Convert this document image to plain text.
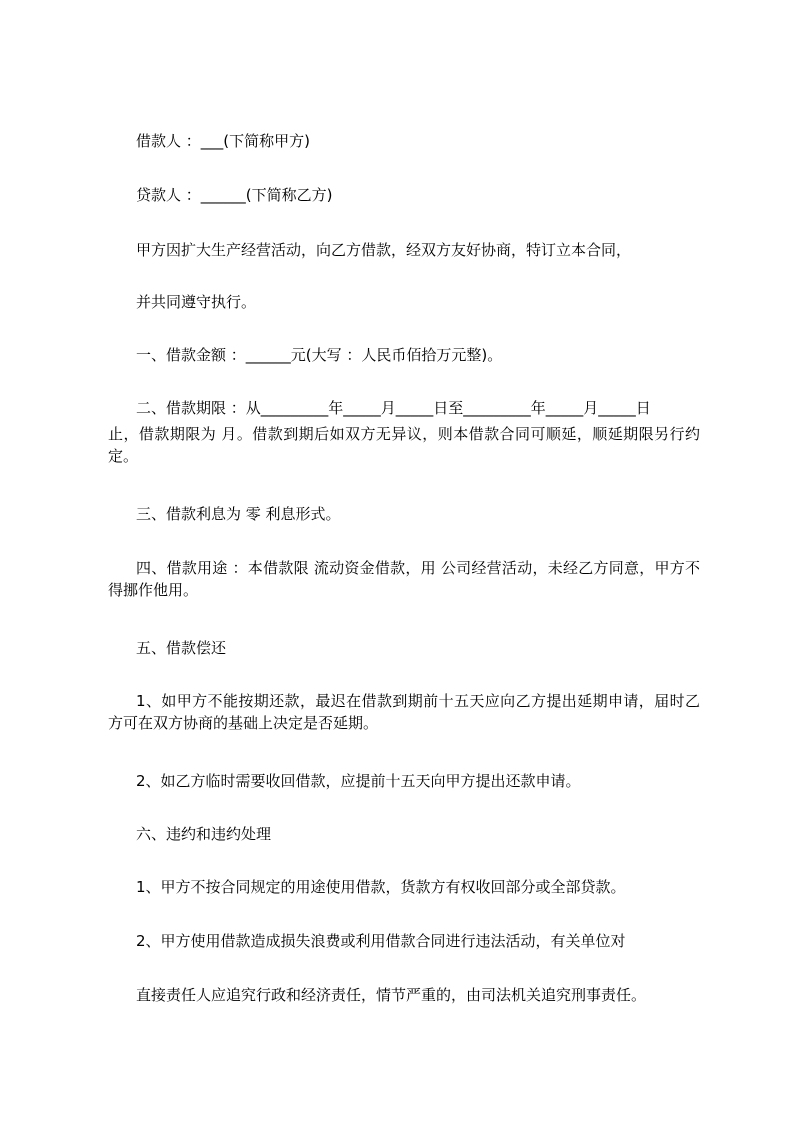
借款人 ：___(下简称甲方)
贷款人 ：______(下简称乙方)
甲方因扩大生产经营活动，向乙方借款，经双方友好协商，特订立本合同，
并共同遵守执行。
一、借款金额 ：______元(大写 ：人民币佰拾万元整)。
二、借款期限 ：从_________年_____月_____日至_________年_____月_____日
止，借款期限为 月。借款到期后如双方无异议，则本借款合同可顺延，顺延期限另行约定。
三、借款利息为 零 利息形式。
四、借款用途 ：本借款限 流动资金借款，用 公司经营活动，未经乙方同意，甲方不得挪作他用。
五、借款偿还
1、如甲方不能按期还款，最迟在借款到期前十五天应向乙方提出延期申请，届时乙方可在双方协商的基础上决定是否延期。
2、如乙方临时需要收回借款，应提前十五天向甲方提出还款申请。
六、违约和违约处理
1、甲方不按合同规定的用途使用借款，货款方有权收回部分或全部贷款。
2、甲方使用借款造成损失浪费或利用借款合同进行违法活动，有关单位对
直接责任人应追究行政和经济责任，情节严重的，由司法机关追究刑事责任。
